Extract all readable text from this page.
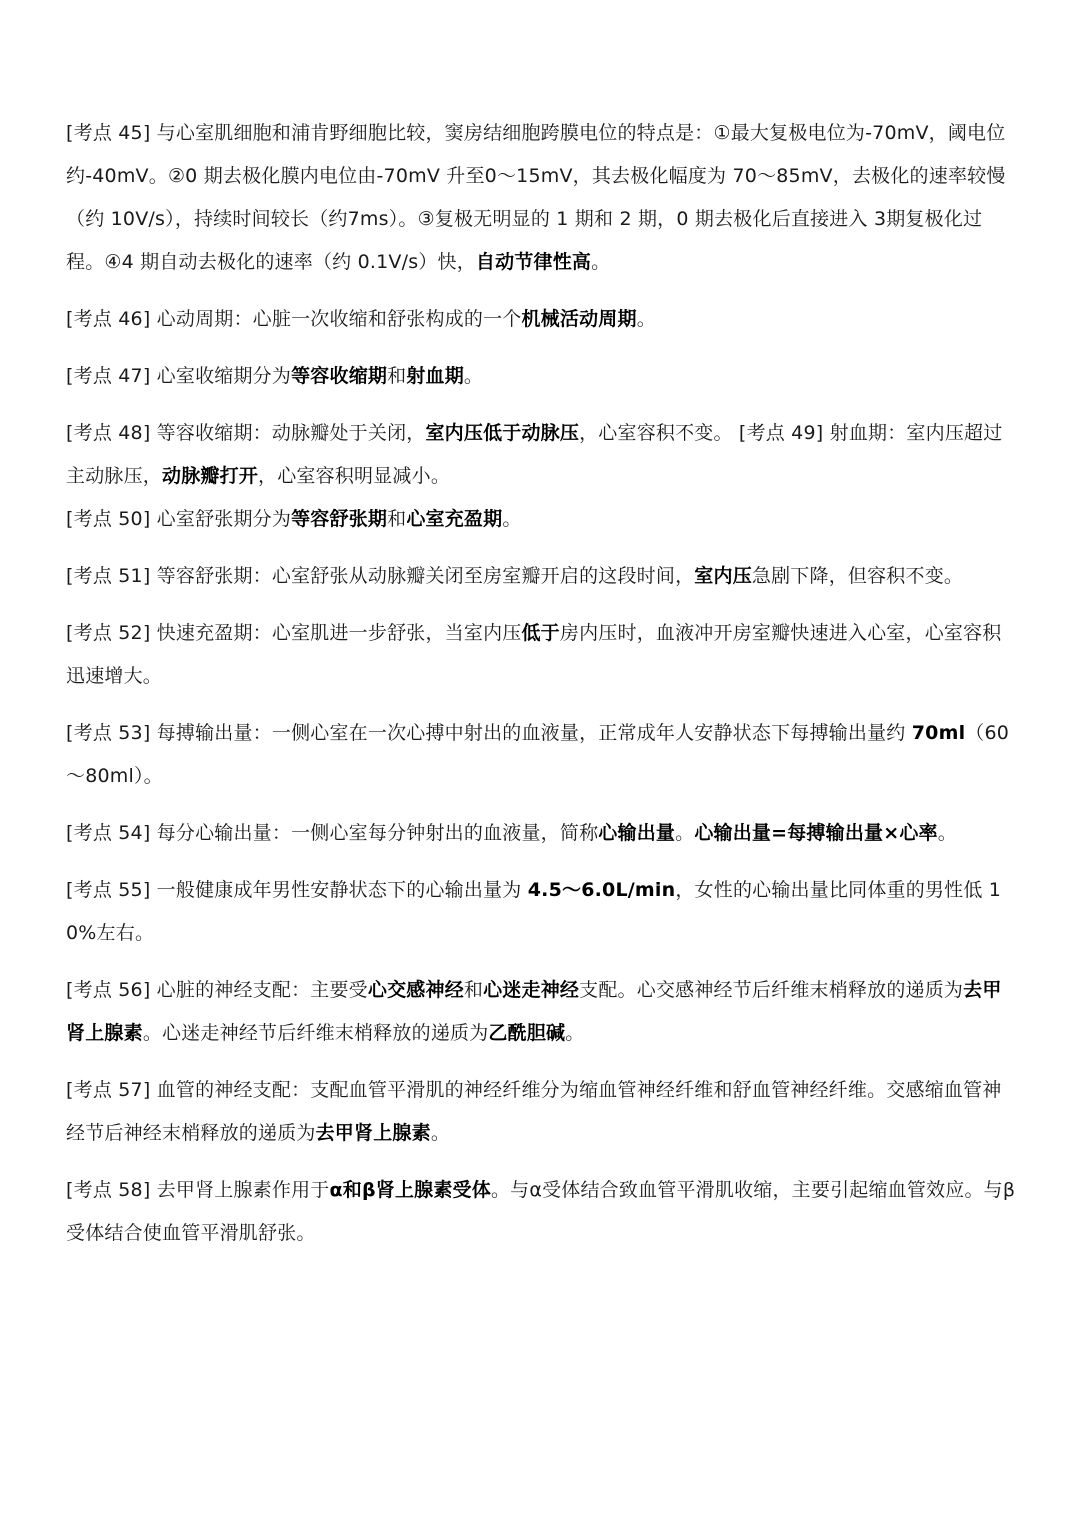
[考点 45] 与心室肌细胞和浦肯野细胞比较，窦房结细胞跨膜电位的特点是：①最大复极电位为-70mV，阈电位约-40mV。②0 期去极化膜内电位由-70mV 升至0～15mV，其去极化幅度为 70～85mV，去极化的速率较慢（约 10V/s），持续时间较长（约7ms）。③复极无明显的 1 期和 2 期，0 期去极化后直接进入 3期复极化过程。④4 期自动去极化的速率（约 0.1V/s）快，自动节律性高。

[考点 46] 心动周期：心脏一次收缩和舒张构成的一个机械活动周期。

[考点 47] 心室收缩期分为等容收缩期和射血期。

[考点 48] 等容收缩期：动脉瓣处于关闭，室内压低于动脉压，心室容积不变。 [考点 49] 射血期：室内压超过主动脉压，动脉瓣打开，心室容积明显减小。

[考点 50] 心室舒张期分为等容舒张期和心室充盈期。

[考点 51] 等容舒张期：心室舒张从动脉瓣关闭至房室瓣开启的这段时间，室内压急剧下降，但容积不变。

[考点 52] 快速充盈期：心室肌进一步舒张，当室内压低于房内压时，血液冲开房室瓣快速进入心室，心室容积迅速增大。

[考点 53] 每搏输出量：一侧心室在一次心搏中射出的血液量，正常成年人安静状态下每搏输出量约 70ml（60～80ml）。

[考点 54] 每分心输出量：一侧心室每分钟射出的血液量，简称心输出量。心输出量=每搏输出量×心率。

[考点 55] 一般健康成年男性安静状态下的心输出量为 4.5～6.0L/min，女性的心输出量比同体重的男性低 10%左右。

[考点 56] 心脏的神经支配：主要受心交感神经和心迷走神经支配。心交感神经节后纤维末梢释放的递质为去甲肾上腺素。心迷走神经节后纤维末梢释放的递质为乙酰胆碱。

[考点 57] 血管的神经支配：支配血管平滑肌的神经纤维分为缩血管神经纤维和舒血管神经纤维。交感缩血管神经节后神经末梢释放的递质为去甲肾上腺素。

[考点 58] 去甲肾上腺素作用于α和β肾上腺素受体。与α受体结合致血管平滑肌收缩，主要引起缩血管效应。与β受体结合使血管平滑肌舒张。
